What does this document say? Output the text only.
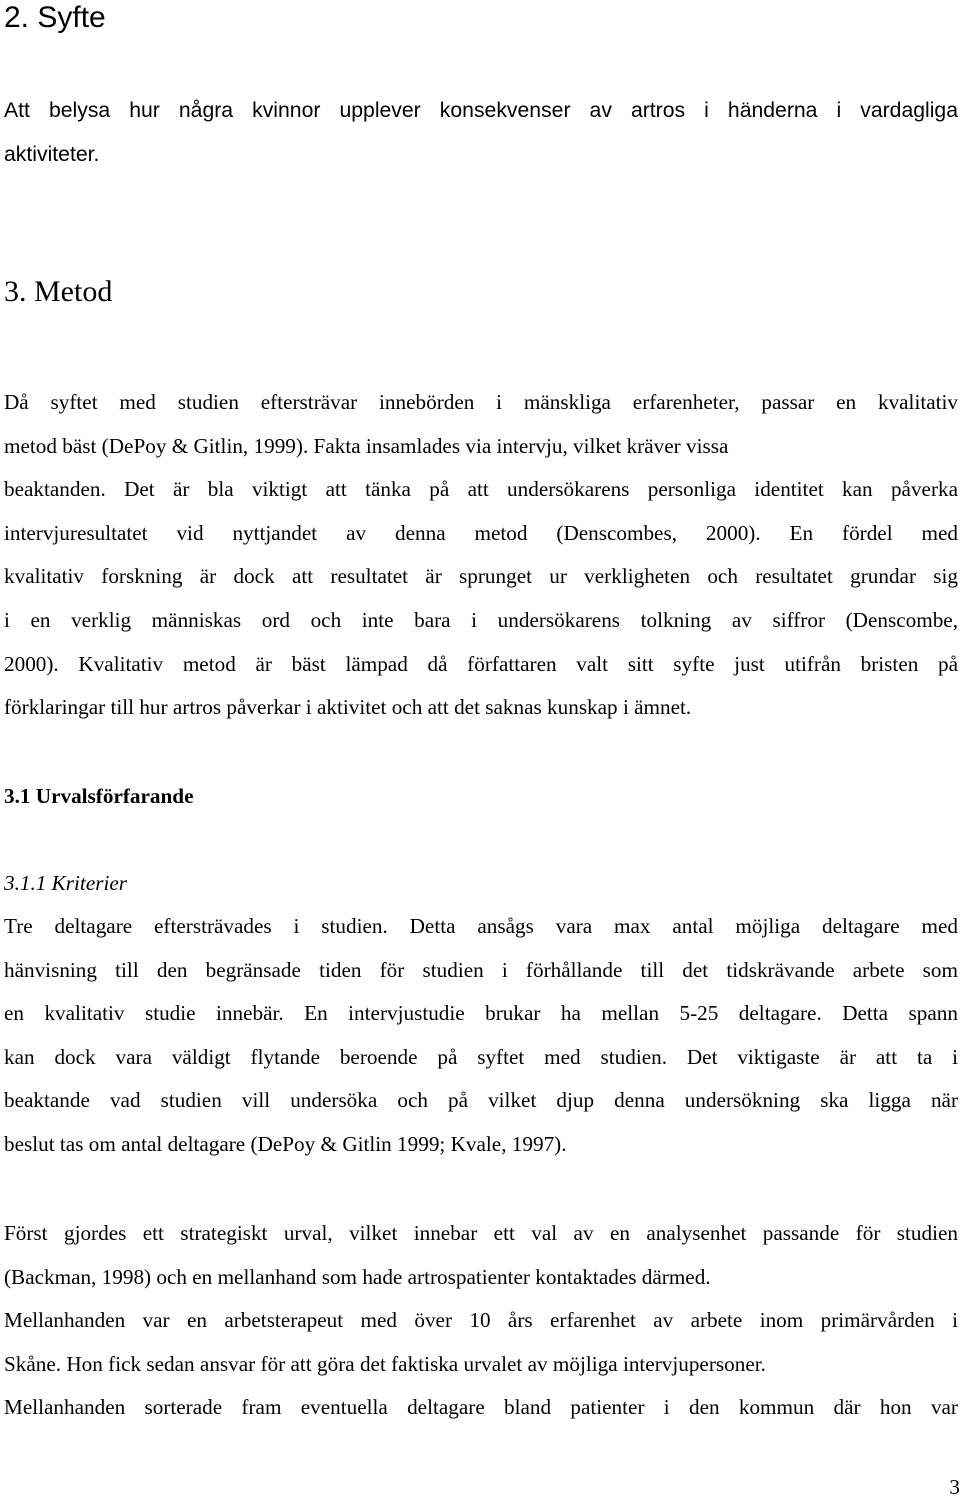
2. Syfte
Att belysa hur några kvinnor upplever konsekvenser av artros i händerna i vardagliga
aktiviteter.
3. Metod
Då syftet med studien eftersträvar innebörden i mänskliga erfarenheter, passar en kvalitativ
metod bäst (DePoy & Gitlin, 1999). Fakta insamlades via intervju, vilket kräver vissa
beaktanden. Det är bla viktigt att tänka på att undersökarens personliga identitet kan påverka
intervjuresultatet vid nyttjandet av denna metod (Denscombes, 2000). En fördel med
kvalitativ forskning är dock att resultatet är sprunget ur verkligheten och resultatet grundar sig
i en verklig människas ord och inte bara i undersökarens tolkning av siffror (Denscombe,
2000). Kvalitativ metod är bäst lämpad då författaren valt sitt syfte just utifrån bristen på
förklaringar till hur artros påverkar i aktivitet och att det saknas kunskap i ämnet.
3.1 Urvalsförfarande
3.1.1 Kriterier
Tre deltagare eftersträvades i studien. Detta ansågs vara max antal möjliga deltagare med
hänvisning till den begränsade tiden för studien i förhållande till det tidskrävande arbete som
en kvalitativ studie innebär. En intervjustudie brukar ha mellan 5-25 deltagare. Detta spann
kan dock vara väldigt flytande beroende på syftet med studien. Det viktigaste är att ta i
beaktande vad studien vill undersöka och på vilket djup denna undersökning ska ligga när
beslut tas om antal deltagare (DePoy & Gitlin 1999; Kvale, 1997).
Först gjordes ett strategiskt urval, vilket innebar ett val av en analysenhet passande för studien
(Backman, 1998) och en mellanhand som hade artrospatienter kontaktades därmed.
Mellanhanden var en arbetsterapeut med över 10 års erfarenhet av arbete inom primärvården i
Skåne. Hon fick sedan ansvar för att göra det faktiska urvalet av möjliga intervjupersoner.
Mellanhanden sorterade fram eventuella deltagare bland patienter i den kommun där hon var
3
